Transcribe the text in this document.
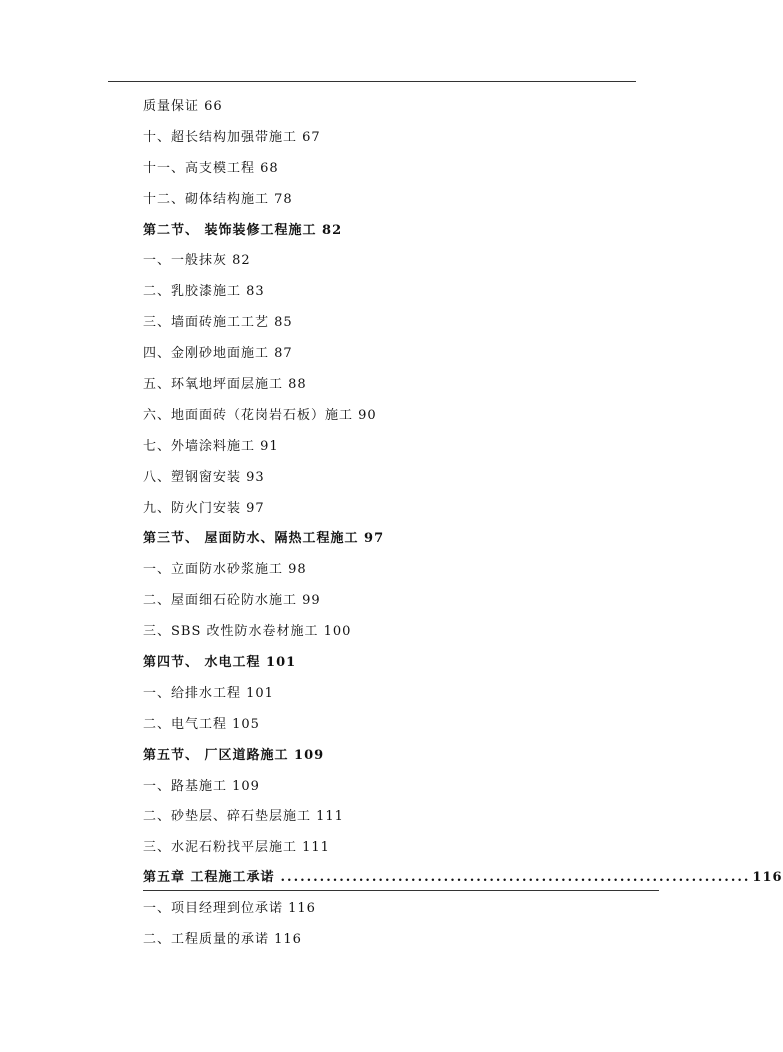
质量保证 66
十、超长结构加强带施工 67
十一、高支模工程 68
十二、砌体结构施工 78
第二节、 装饰装修工程施工 82
一、一般抹灰 82
二、乳胶漆施工 83
三、墙面砖施工工艺 85
四、金刚砂地面施工 87
五、环氧地坪面层施工 88
六、地面面砖（花岗岩石板）施工 90
七、外墙涂料施工 91
八、塑钢窗安装 93
九、防火门安装 97
第三节、 屋面防水、隔热工程施工 97
一、立面防水砂浆施工 98
二、屋面细石砼防水施工 99
三、SBS 改性防水卷材施工 100
第四节、 水电工程 101
一、给排水工程 101
二、电气工程 105
第五节、 厂区道路施工 109
一、路基施工 109
二、砂垫层、碎石垫层施工 111
三、水泥石粉找平层施工 111
第五章 工程施工承诺 ........................................................................ 116
一、项目经理到位承诺 116
二、工程质量的承诺 116
